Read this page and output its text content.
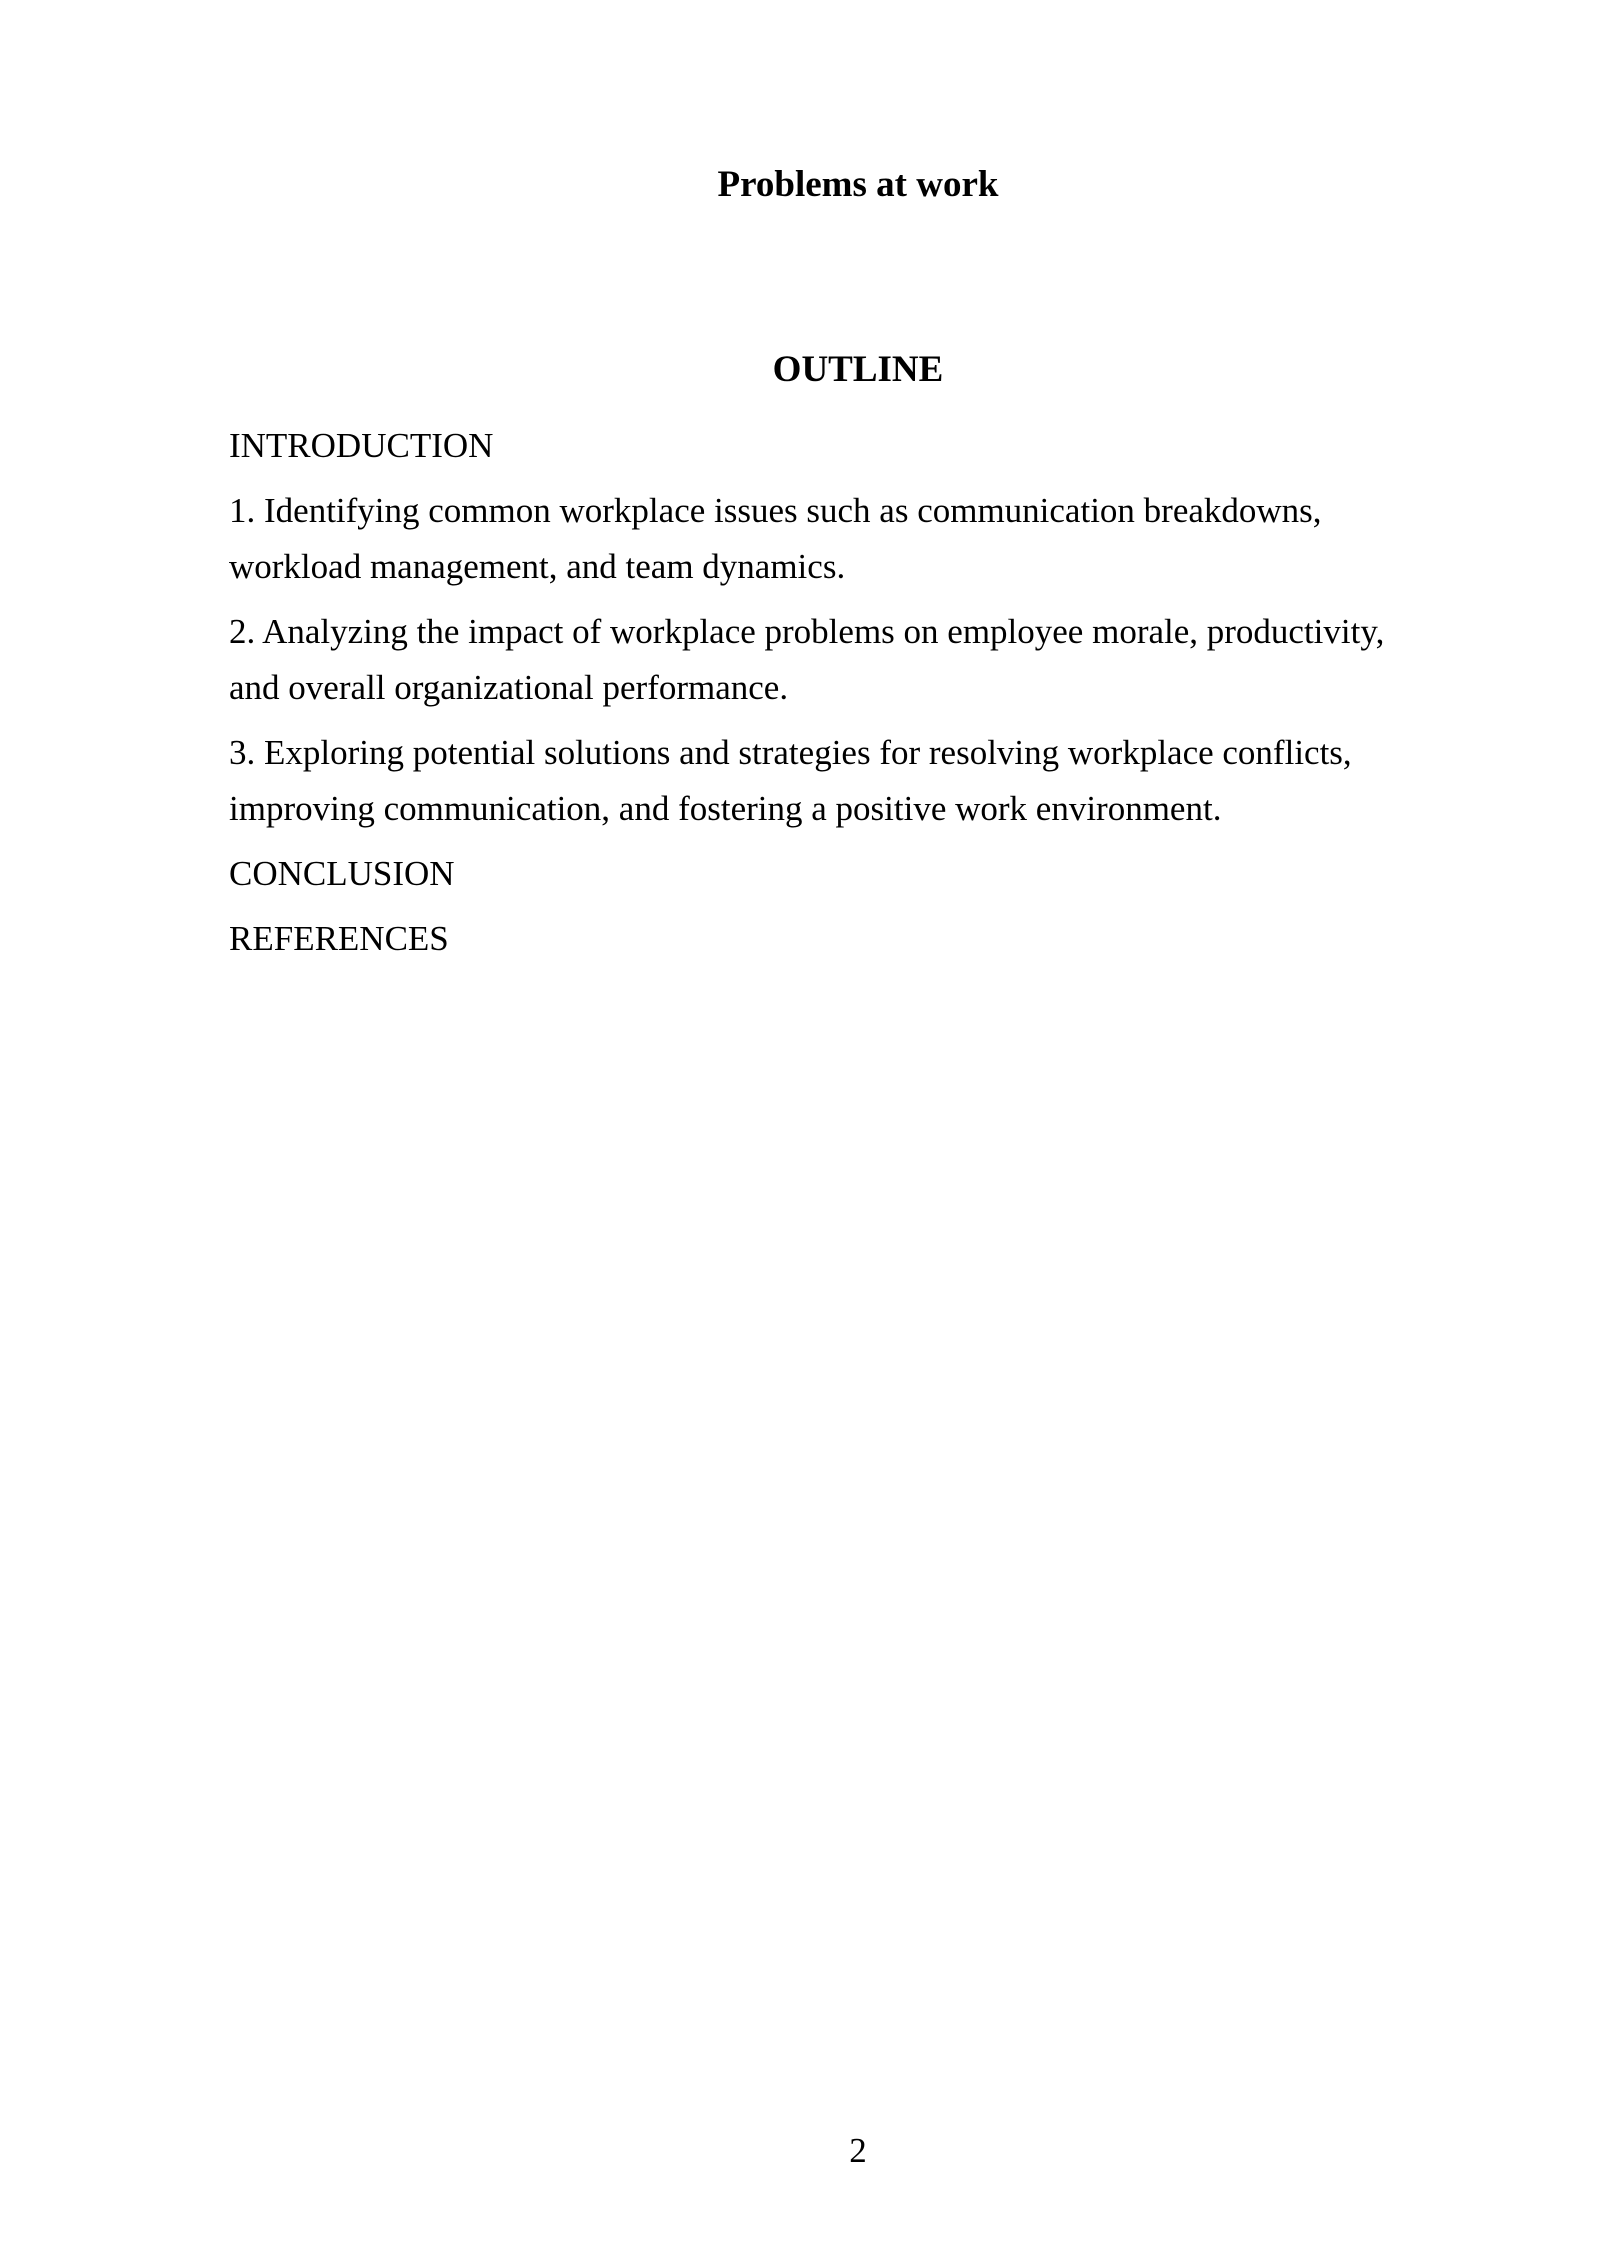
Problems at work
OUTLINE

INTRODUCTION

1. Identifying common workplace issues such as communication breakdowns,
workload management, and team dynamics.
2. Analyzing the impact of workplace problems on employee morale, productivity,
and overall organizational performance.
3. Exploring potential solutions and strategies for resolving workplace conflicts,
improving communication, and fostering a positive work environment.

CONCLUSION

REFERENCES

2
